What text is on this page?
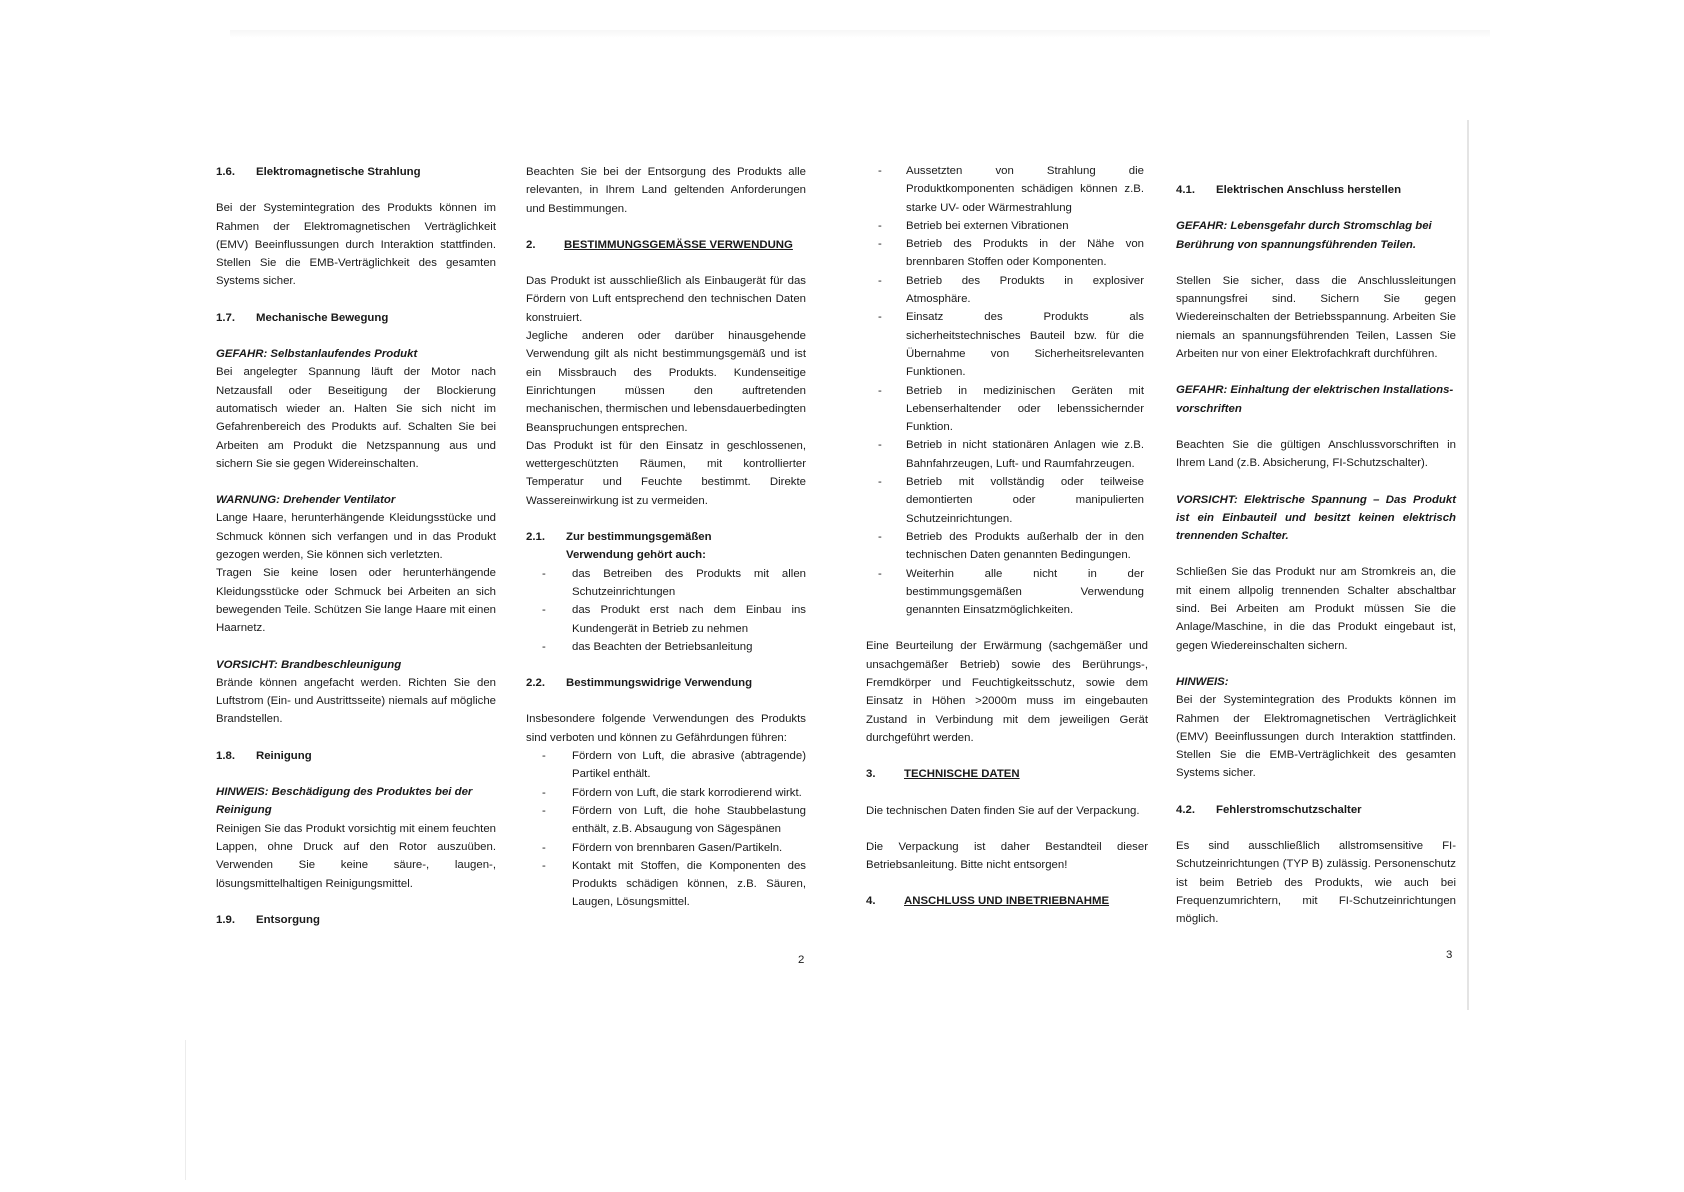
1.6. Elektromagnetische Strahlung

Bei der Systemintegration des Produkts können im Rahmen der Elektromagnetischen Verträglichkeit (EMV) Beeinflussungen durch Interaktion stattfinden. Stellen Sie die EMB-Verträglichkeit des gesamten Systems sicher.

1.7. Mechanische Bewegung

GEFAHR: Selbstanlaufendes Produkt

Bei angelegter Spannung läuft der Motor nach Netzausfall oder Beseitigung der Blockierung automatisch wieder an. Halten Sie sich nicht im Gefahrenbereich des Produkts auf. Schalten Sie bei Arbeiten am Produkt die Netzspannung aus und sichern Sie sie gegen Widereinschalten.

WARNUNG: Drehender Ventilator

Lange Haare, herunterhängende Kleidungsstücke und Schmuck können sich verfangen und in das Produkt gezogen werden, Sie können sich verletzten.

Tragen Sie keine losen oder herunterhängende Kleidungsstücke oder Schmuck bei Arbeiten an sich bewegenden Teile. Schützen Sie lange Haare mit einen Haarnetz.

VORSICHT: Brandbeschleunigung

Brände können angefacht werden. Richten Sie den Luftstrom (Ein- und Austrittsseite) niemals auf mögliche Brandstellen.

1.8. Reinigung

HINWEIS: Beschädigung des Produktes bei der Reinigung

Reinigen Sie das Produkt vorsichtig mit einem feuchten Lappen, ohne Druck auf den Rotor auszuüben. Verwenden Sie keine säure-, laugen-, lösungsmittelhaltigen Reinigungsmittel.

1.9. Entsorgung

Beachten Sie bei der Entsorgung des Produkts alle relevanten, in Ihrem Land geltenden Anforderungen und Bestimmungen.

2.	BESTIMMUNGSGEMÄSSE VERWENDUNG

Das Produkt ist ausschließlich als Einbaugerät für das Fördern von Luft entsprechend den technischen Daten konstruiert.

Jegliche anderen oder darüber hinausgehende Verwendung gilt als nicht bestimmungsgemäß und ist ein Missbrauch des Produkts. Kundenseitige Einrichtungen müssen den auftretenden mechanischen, thermischen und lebensdauerbedingten Beanspruchungen entsprechen.

Das Produkt ist für den Einsatz in geschlossenen, wettergeschützten Räumen, mit kontrollierter Temperatur und Feuchte bestimmt. Direkte Wassereinwirkung ist zu vermeiden.

2.1.	Zur bestimmungsgemäßen Verwendung gehört auch:

- das Betreiben des Produkts mit allen Schutzeinrichtungen
- das Produkt erst nach dem Einbau ins Kundengerät in Betrieb zu nehmen
- das Beachten der Betriebsanleitung

2.2. Bestimmungswidrige Verwendung

Insbesondere folgende Verwendungen des Produkts sind verboten und können zu Gefährdungen führen:

- Fördern von Luft, die abrasive (abtragende) Partikel enthält.
- Fördern von Luft, die stark korrodierend wirkt.
- Fördern von Luft, die hohe Staubbelastung enthält, z.B. Absaugung von Sägespänen
- Fördern von brennbaren Gasen/Partikeln.
- Kontakt mit Stoffen, die Komponenten des Produkts schädigen können, z.B. Säuren, Laugen, Lösungsmittel.
2
- Aussetzten von Strahlung die Produktkomponenten schädigen können z.B. starke UV- oder Wärmestrahlung
- Betrieb bei externen Vibrationen
- Betrieb des Produkts in der Nähe von brennbaren Stoffen oder Komponenten.
- Betrieb des Produkts in explosiver Atmosphäre.
- Einsatz des Produkts als sicherheitstechnisches Bauteil bzw. für die Übernahme von Sicherheitsrelevanten Funktionen.
- Betrieb in medizinischen Geräten mit Lebenserhaltender oder lebenssichernder Funktion.
- Betrieb in nicht stationären Anlagen wie z.B. Bahnfahrzeugen, Luft- und Raumfahrzeugen.
- Betrieb mit vollständig oder teilweise demontierten oder manipulierten Schutzeinrichtungen.
- Betrieb des Produkts außerhalb der in den technischen Daten genannten Bedingungen.
- Weiterhin alle nicht in der bestimmungsgemäßen Verwendung genannten Einsatzmöglichkeiten.

Eine Beurteilung der Erwärmung (sachgemäßer und unsachgemäßer Betrieb) sowie des Berührungs-, Fremdkörper und Feuchtigkeitsschutz, sowie dem Einsatz in Höhen >2000m muss im eingebauten Zustand in Verbindung mit dem jeweiligen Gerät durchgeführt werden.

3.	TECHNISCHE DATEN

Die technischen Daten finden Sie auf der Verpackung.

Die Verpackung ist daher Bestandteil dieser Betriebsanleitung. Bitte nicht entsorgen!

4.	ANSCHLUSS UND INBETRIEBNAHME

4.1. Elektrischen Anschluss herstellen

GEFAHR: Lebensgefahr durch Stromschlag bei Berührung von spannungsführenden Teilen.

Stellen Sie sicher, dass die Anschlussleitungen spannungsfrei sind. Sichern Sie gegen Wiedereinschalten der Betriebsspannung. Arbeiten Sie niemals an spannungsführenden Teilen, Lassen Sie Arbeiten nur von einer Elektrofachkraft durchführen.

GEFAHR: Einhaltung der elektrischen Installations-vorschriften

Beachten Sie die gültigen Anschlussvorschriften in Ihrem Land (z.B. Absicherung, FI-Schutzschalter).

VORSICHT: Elektrische Spannung – Das Produkt ist ein Einbauteil und besitzt keinen elektrisch trennenden Schalter.

Schließen Sie das Produkt nur am Stromkreis an, die mit einem allpolig trennenden Schalter abschaltbar sind. Bei Arbeiten am Produkt müssen Sie die Anlage/Maschine, in die das Produkt eingebaut ist, gegen Wiedereinschalten sichern.

HINWEIS:

Bei der Systemintegration des Produkts können im Rahmen der Elektromagnetischen Verträglichkeit (EMV) Beeinflussungen durch Interaktion stattfinden. Stellen Sie die EMB-Verträglichkeit des gesamten Systems sicher.

4.2. Fehlerstromschutzschalter

Es sind ausschließlich allstromsensitive FI-Schutzeinrichtungen (TYP B) zulässig. Personenschutz ist beim Betrieb des Produkts, wie auch bei Frequenzumrichtern, mit FI-Schutzeinrichtungen möglich.

3
